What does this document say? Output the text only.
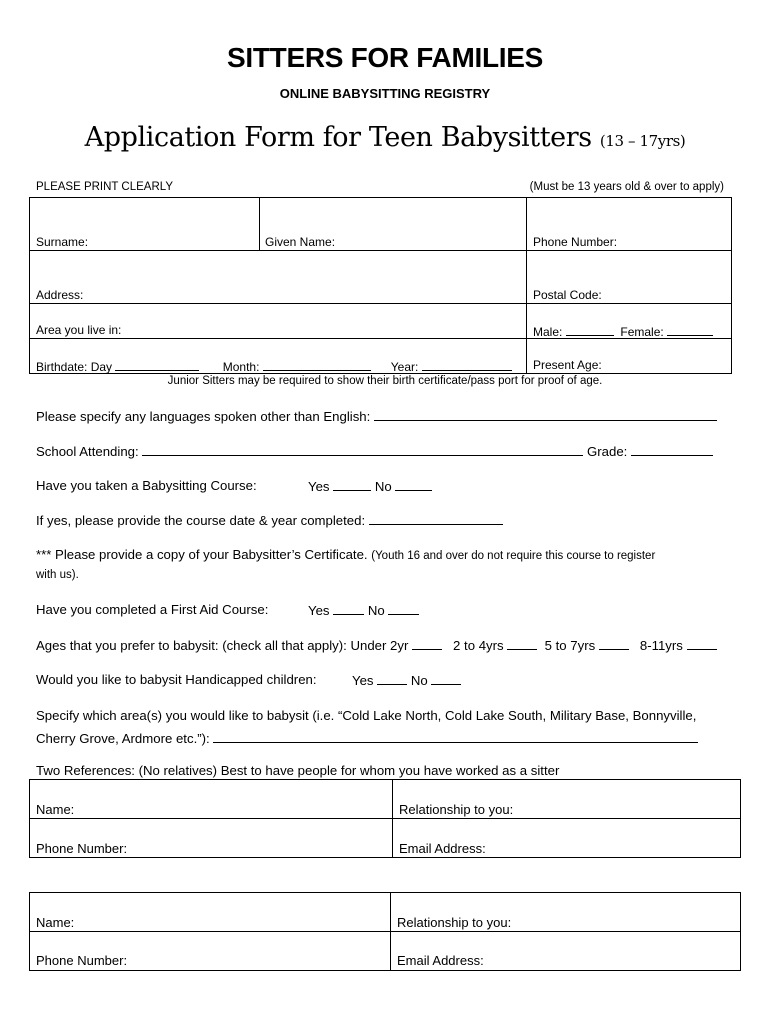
SITTERS FOR FAMILIES
ONLINE BABYSITTING REGISTRY
Application Form for Teen Babysitters (13 – 17yrs)
PLEASE PRINT CLEARLY	(Must be 13 years old & over to apply)
Surname:	Given Name:	Phone Number:
Address:	Postal Code:
Area you live in:	Male:	Female:
Birthdate: Day	Month:	Year:	Present Age:
Junior Sitters may be required to show their birth certificate/pass port for proof of age.
Please specify any languages spoken other than English:
School Attending:	Grade:
Have you taken a Babysitting Course:	Yes	No
If yes, please provide the course date & year completed:
*** Please provide a copy of your Babysitter’s Certificate. (Youth 16 and over do not require this course to register
with us).
Have you completed a First Aid Course:	Yes	No
Ages that you prefer to babysit: (check all that apply): Under 2yr	2 to 4yrs	5 to 7yrs	8-11yrs
Would you like to babysit Handicapped children:	Yes	No
Specify which area(s) you would like to babysit (i.e. “Cold Lake North, Cold Lake South, Military Base, Bonnyville,
Cherry Grove, Ardmore etc.”):
Two References: (No relatives) Best to have people for whom you have worked as a sitter
Name:	Relationship to you:
Phone Number:	Email Address:
Name:	Relationship to you:
Phone Number:	Email Address:
